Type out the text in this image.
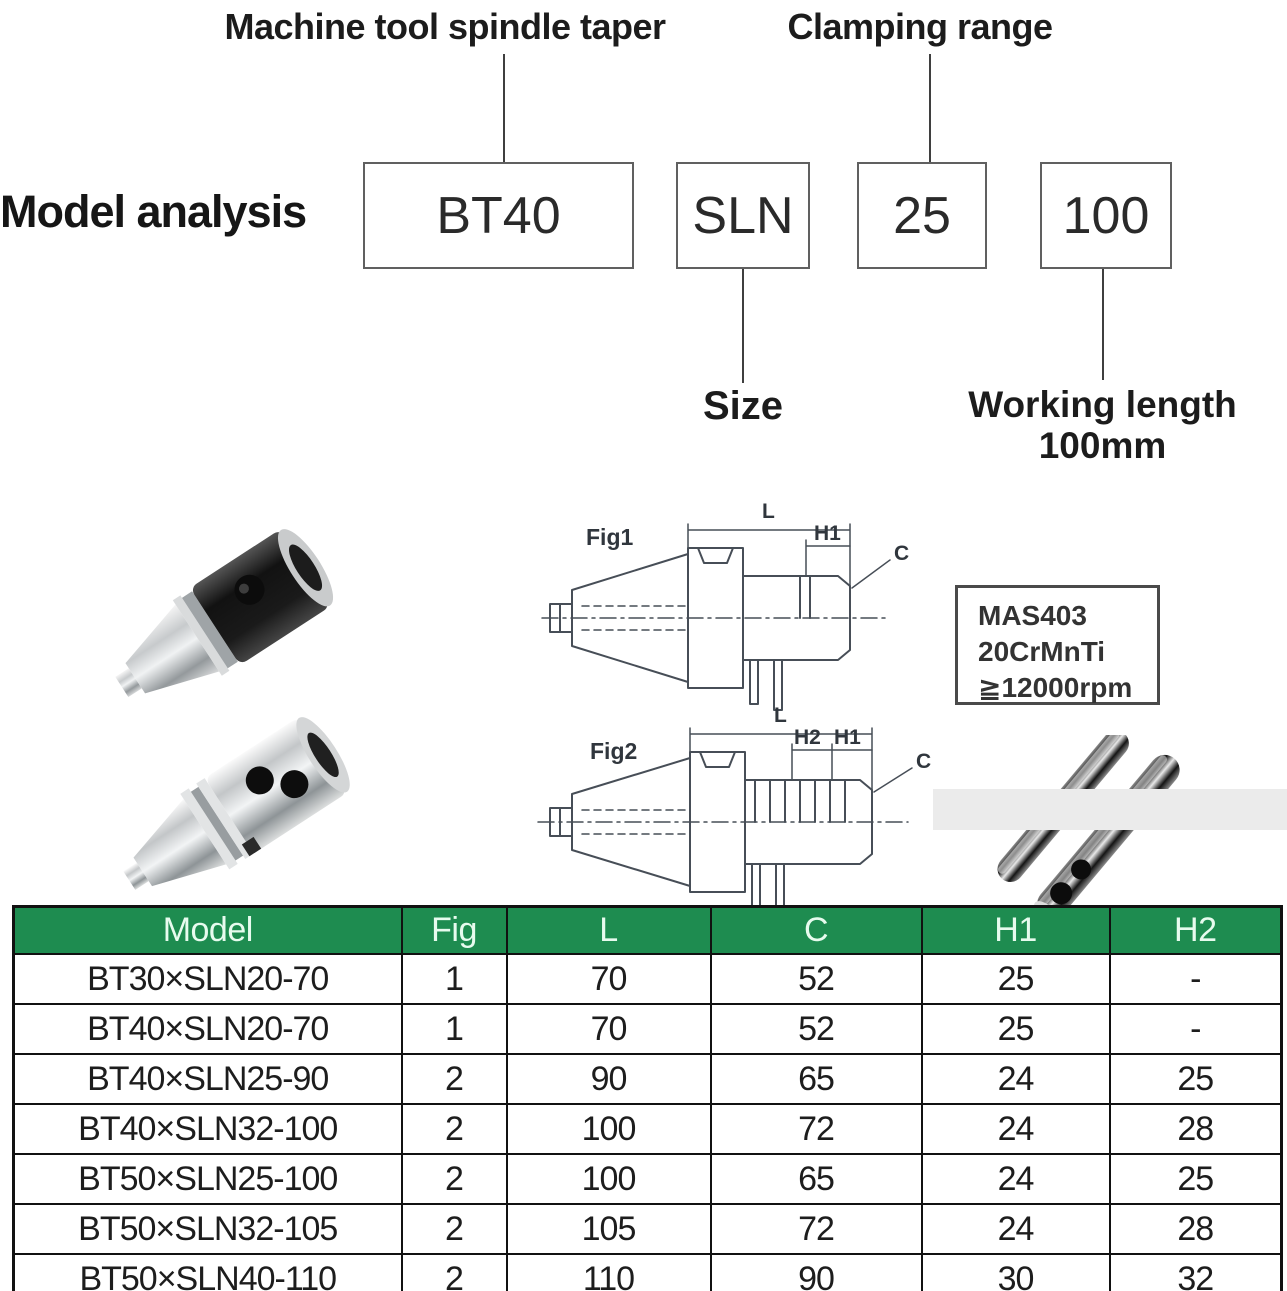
Machine tool spindle taper	Clamping range
Model analysis	BT40	SLN	25	100
Size	Working length
100mm
Fig1
L
H1
C
Fig2
L
H2 H1
C
MAS403
20CrMnTi
≧12000rpm
Model	Fig	L	C	H1	H2
BT30×SLN20-70	1	70	52	25	-
BT40×SLN20-70	1	70	52	25	-
BT40×SLN25-90	2	90	65	24	25
BT40×SLN32-100	2	100	72	24	28
BT50×SLN25-100	2	100	65	24	25
BT50×SLN32-105	2	105	72	24	28
BT50×SLN40-110	2	110	90	30	32
